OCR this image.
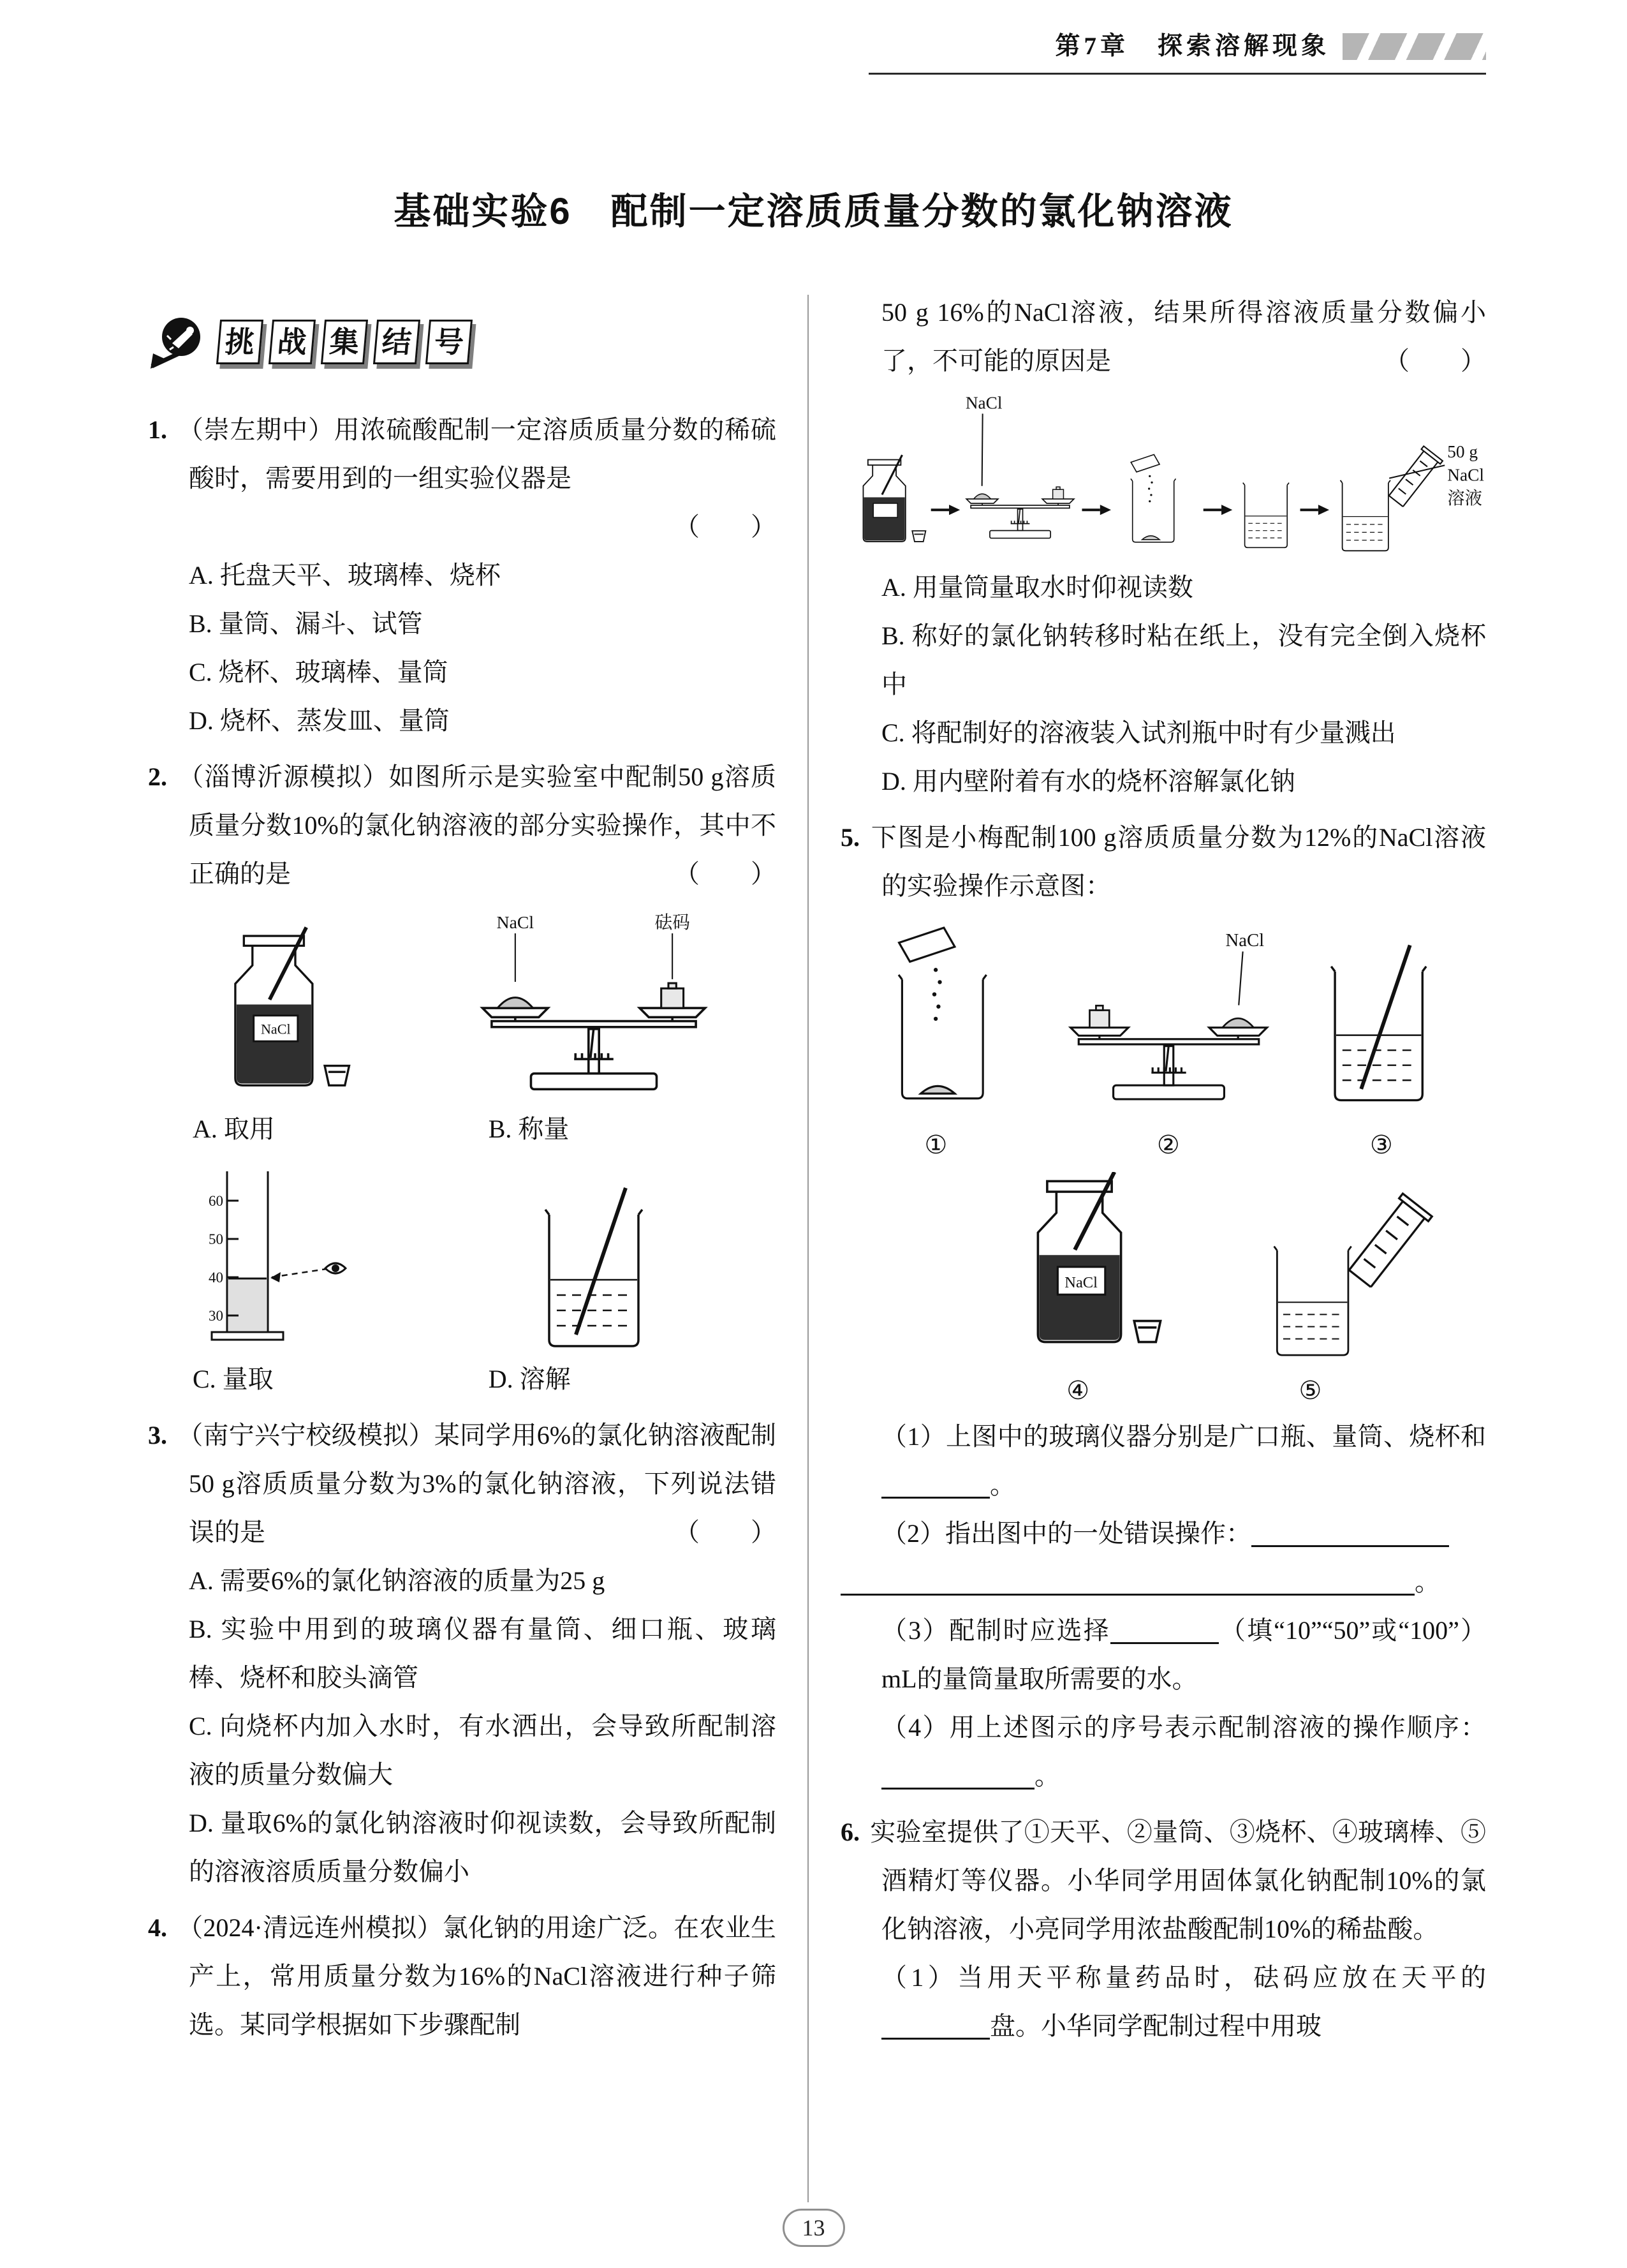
第7章　探索溶解现象
基础实验6　配制一定溶质质量分数的氯化钠溶液
挑 战 集 结 号

1. （崇左期中）用浓硫酸配制一定溶质质量分数的稀硫酸时，需要用到的一组实验仪器是

（　　）

A. 托盘天平、玻璃棒、烧杯

B. 量筒、漏斗、试管

C. 烧杯、玻璃棒、量筒

D. 烧杯、蒸发皿、量筒

2. （淄博沂源模拟）如图所示是实验室中配制50 g溶质质量分数10%的氯化钠溶液的部分实验操作，其中不正确的是	（　　）

NaCl
NaCl	砝码

A. 取用	B. 称量

60
50
40
30

C. 量取	D. 溶解

3. （南宁兴宁校级模拟）某同学用6%的氯化钠溶液配制50 g溶质质量分数为3%的氯化钠溶液，下列说法错误的是	（　　）

A. 需要6%的氯化钠溶液的质量为25 g

B. 实验中用到的玻璃仪器有量筒、细口瓶、玻璃棒、烧杯和胶头滴管

C. 向烧杯内加入水时，有水洒出，会导致所配制溶液的质量分数偏大

D. 量取6%的氯化钠溶液时仰视读数，会导致所配制的溶液溶质质量分数偏小

4. （2024·清远连州模拟）氯化钠的用途广泛。在农业生产上，常用质量分数为16%的NaCl溶液进行种子筛选。某同学根据如下步骤配制

50 g 16%的NaCl溶液，结果所得溶液质量分数偏小了，不可能的原因是	（　　）

NaCl
50 g
NaCl
溶液

A. 用量筒量取水时仰视读数

B. 称好的氯化钠转移时粘在纸上，没有完全倒入烧杯中

C. 将配制好的溶液装入试剂瓶中时有少量溅出

D. 用内壁附着有水的烧杯溶解氯化钠

5. 下图是小梅配制100 g溶质质量分数为12%的NaCl溶液的实验操作示意图：

NaCl
①	②	③
NaCl
④	⑤

（1）上图中的玻璃仪器分别是广口瓶、量筒、烧杯和。

（2）指出图中的一处错误操作：

。

（3）配制时应选择	（填“10”“50”或“100”）mL的量筒量取所需要的水。

（4）用上述图示的序号表示配制溶液的操作顺序：。

6. 实验室提供了①天平、②量筒、③烧杯、④玻璃棒、⑤酒精灯等仪器。小华同学用固体氯化钠配制10%的氯化钠溶液，小亮同学用浓盐酸配制10%的稀盐酸。

（1）当用天平称量药品时，砝码应放在天平的盘。小华同学配制过程中用玻

13
